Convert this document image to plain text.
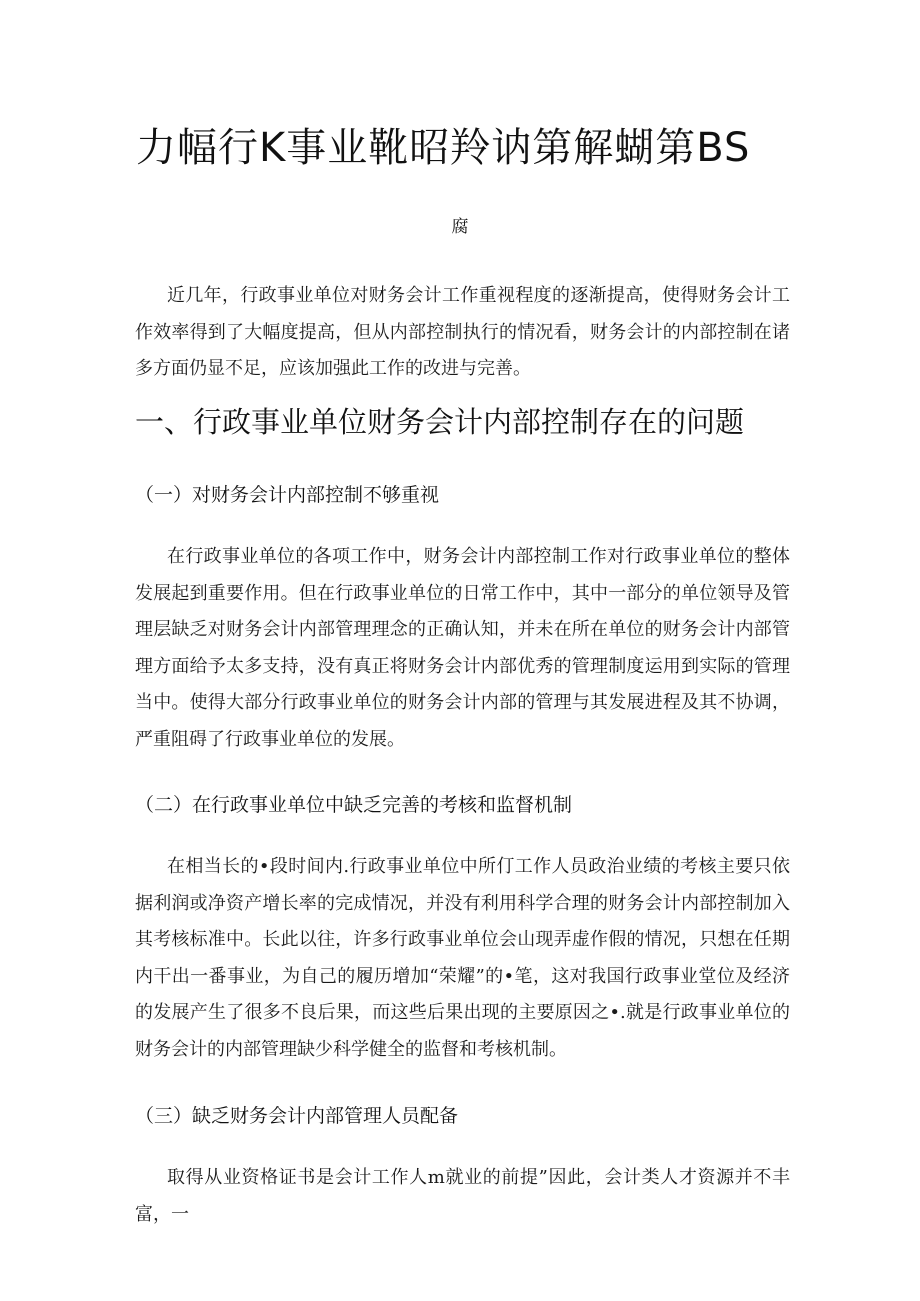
力幅行K事业靴昭羚讷第解蝴第BS
腐

近几年，行政事业单位对财务会计工作重视程度的逐渐提高，使得财务会计工作效率得到了大幅度提高，但从内部控制执行的情况看，财务会计的内部控制在诸多方面仍显不足，应该加强此工作的改进与完善。

一、行政事业单位财务会计内部控制存在的问题
（一）对财务会计内部控制不够重视

在行政事业单位的各项工作中，财务会计内部控制工作对行政事业单位的整体发展起到重要作用。但在行政事业单位的日常工作中，其中一部分的单位领导及管理层缺乏对财务会计内部管理理念的正确认知，并未在所在单位的财务会计内部管理方面给予太多支持，没有真正将财务会计内部优秀的管理制度运用到实际的管理当中。使得大部分行政事业单位的财务会计内部的管理与其发展进程及其不协调，严重阻碍了行政事业单位的发展。

（二）在行政事业单位中缺乏完善的考核和监督机制

在相当长的•段时间内.行政事业单位中所仃工作人员政治业绩的考核主要只依据利润或净资产增长率的完成情况，并没有利用科学合理的财务会计内部控制加入其考核标准中。长此以往，许多行政事业单位会山现弄虚作假的情况，只想在任期内干出一番事业，为自己的履历增加“荣耀”的•笔，这对我国行政事业堂位及经济的发展产生了很多不良后果，而这些后果出现的主要原因之•.就是行政事业单位的财务会计的内部管理缺少科学健全的监督和考核机制。

（三）缺乏财务会计内部管理人员配备

取得从业资格证书是会计工作人m就业的前提”因此，会计类人才资源并不丰富，一
